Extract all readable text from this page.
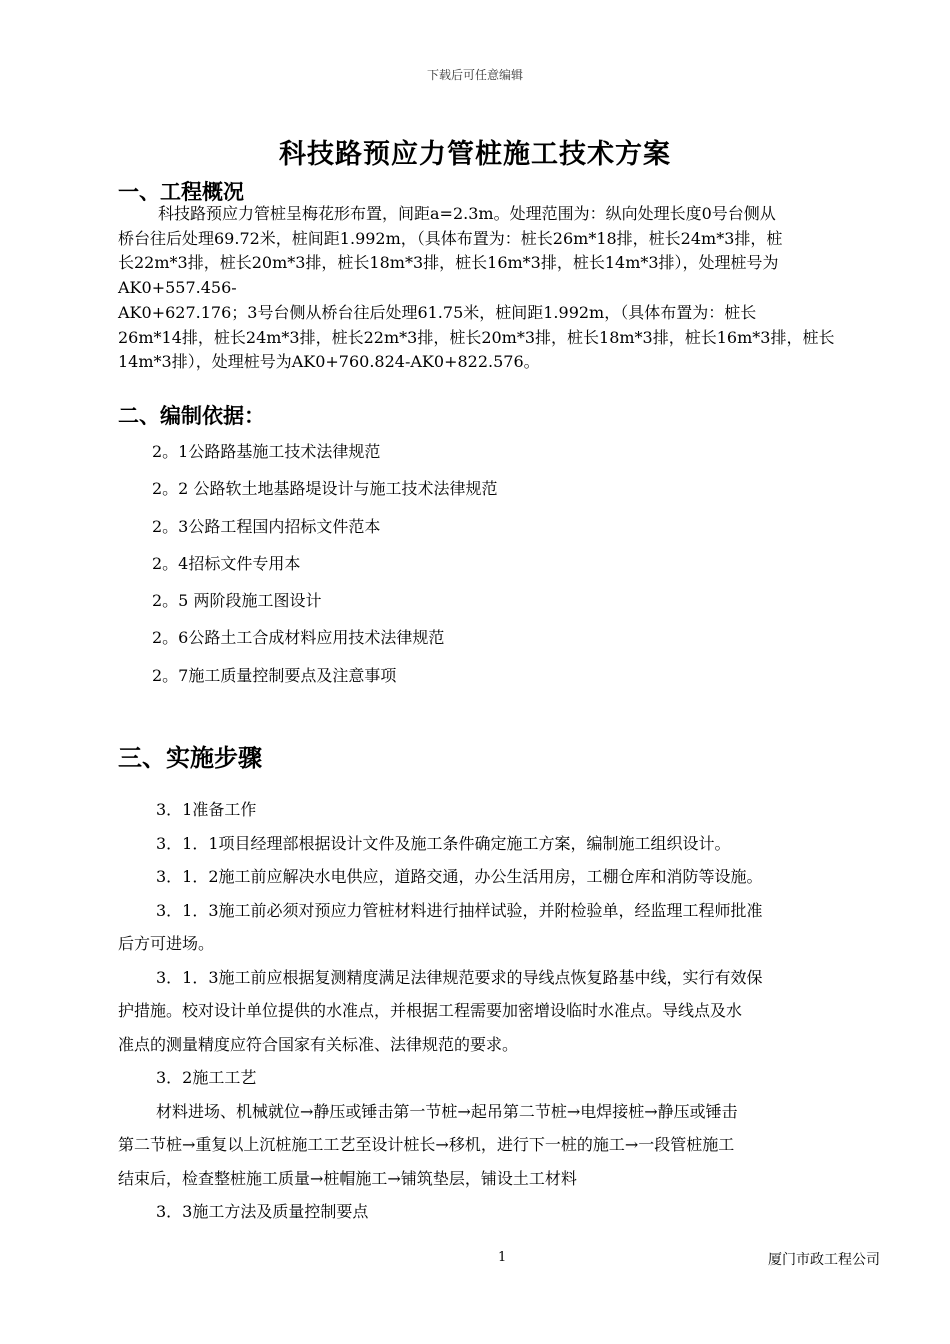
下载后可任意编辑
科技路预应力管桩施工技术方案
一、工程概况
科技路预应力管桩呈梅花形布置，间距a=2.3m。处理范围为：纵向处理长度0号台侧从
桥台往后处理69.72米，桩间距1.992m，（具体布置为：桩长26m*18排，桩长24m*3排，桩
长22m*3排，桩长20m*3排，桩长18m*3排，桩长16m*3排，桩长14m*3排），处理桩号为
AK0+557.456-
AK0+627.176；3号台侧从桥台往后处理61.75米，桩间距1.992m，（具体布置为：桩长
26m*14排，桩长24m*3排，桩长22m*3排，桩长20m*3排，桩长18m*3排，桩长16m*3排，桩长
14m*3排），处理桩号为AK0+760.824-AK0+822.576。
二、编制依据：
2。1公路路基施工技术法律规范
2。2 公路软土地基路堤设计与施工技术法律规范
2。3公路工程国内招标文件范本
2。4招标文件专用本
2。5 两阶段施工图设计
2。6公路土工合成材料应用技术法律规范
2。7施工质量控制要点及注意事项
三、实施步骤
3．1准备工作
3．1．1项目经理部根据设计文件及施工条件确定施工方案，编制施工组织设计。
3．1．2施工前应解决水电供应，道路交通，办公生活用房，工棚仓库和消防等设施。
3．1．3施工前必须对预应力管桩材料进行抽样试验，并附检验单，经监理工程师批准
后方可进场。
3．1．3施工前应根据复测精度满足法律规范要求的导线点恢复路基中线，实行有效保
护措施。校对设计单位提供的水准点，并根据工程需要加密增设临时水准点。导线点及水
准点的测量精度应符合国家有关标准、法律规范的要求。
3．2施工工艺
材料进场、机械就位→静压或锤击第一节桩→起吊第二节桩→电焊接桩→静压或锤击
第二节桩→重复以上沉桩施工工艺至设计桩长→移机，进行下一桩的施工→一段管桩施工
结束后，检查整桩施工质量→桩帽施工→铺筑垫层，铺设土工材料
3．3施工方法及质量控制要点
1	厦门市政工程公司
